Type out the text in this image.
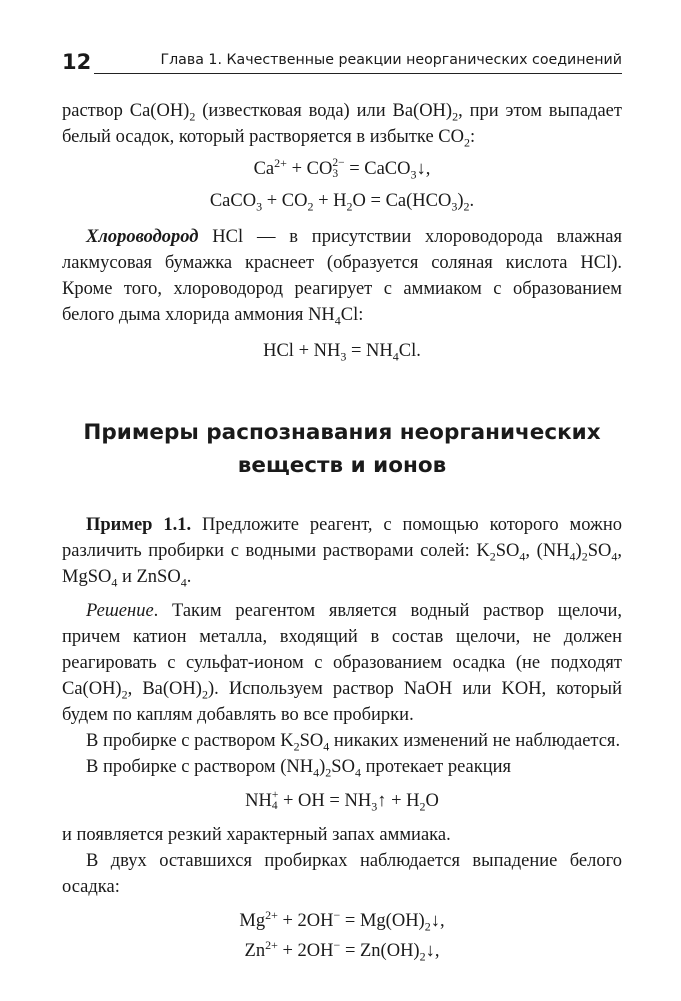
12	Глава 1. Качественные реакции неорганических соединений

раствор $Ca(OH)_2$ (известковая вода) или $Ba(OH)_2$, при этом выпадает белый осадок, который растворяется в избытке $CO_2$:

$Ca^{2+}$ + CO 2−
3 = CaCO$_3$↓,

CaCO$_3$ + $CO_2 + H_2O = Ca(HCO_3)_2$.

Хлороводород HCl — в присутствии хлороводорода влажная лакмусовая бумажка краснеет (образуется соляная кислота HCl). Кроме того, хлороводород реагирует с аммиаком с образованием белого дыма хлорида аммония $NH_4Cl$:

HCl + $NH_3 = NH_4Cl$.

Примеры распознавания неорганических
веществ и ионов

Пример 1.1. Предложите реагент, с помощью которого можно различить пробирки с водными растворами солей: $K_2SO_4$, $(NH_4)_2SO_4$, MgSO$_4$ и ZnSO$_4$.

Решение. Таким реагентом является водный раствор щелочи, причем катион металла, входящий в состав щелочи, не должен реагировать с сульфат-ионом с образованием осадка (не подходят $Ca(OH)_2$, $Ba(OH)_2$). Используем раствор NaOH или KOH, который будем по каплям добавлять во все пробирки.

В пробирке с раствором $K_2SO_4$ никаких изменений не наблюдается.

В пробирке с раствором $(NH_4)_2SO_4$ протекает реакция

NH +
4 + OH = $NH_3↑ + H_2O$

и появляется резкий характерный запах аммиака.

В двух оставшихся пробирках наблюдается выпадение белого осадка:

$Mg^{2+} + 2OH^-$ = $Mg(OH)_2↓$,

$Zn^{2+} + 2OH^-$ = $Zn(OH)_2↓$,
